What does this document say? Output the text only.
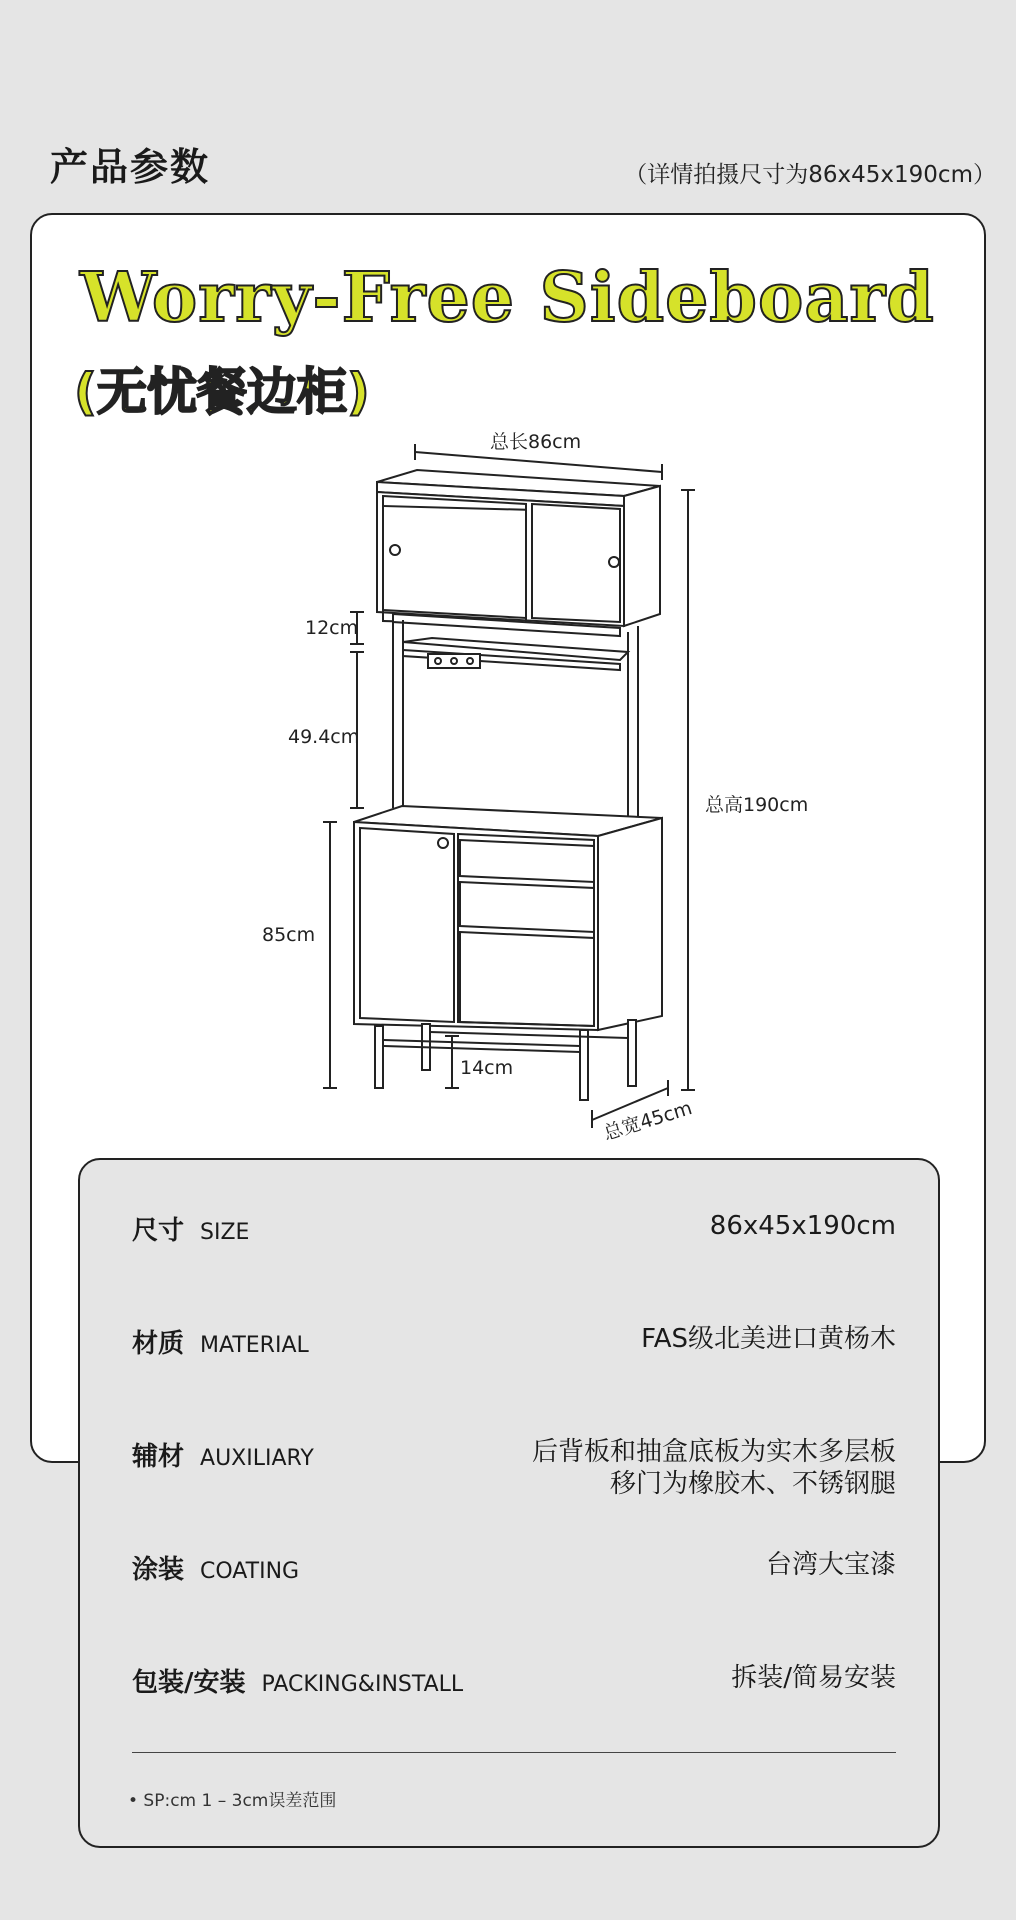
产品参数	（详情拍摄尺寸为86x45x190cm）
Worry-Free Sideboard
(无忧餐边柜)
总长86cm
12cm
49.4cm
85cm
14cm
总高190cm
总宽45cm
尺寸 SIZE	86x45x190cm
材质 MATERIAL	FAS级北美进口黄杨木
辅材 AUXILIARY	后背板和抽盒底板为实木多层板
移门为橡胶木、不锈钢腿
涂装 COATING	台湾大宝漆
包装/安装 PACKING&INSTALL	拆装/简易安装
• SP:cm 1 – 3cm误差范围
